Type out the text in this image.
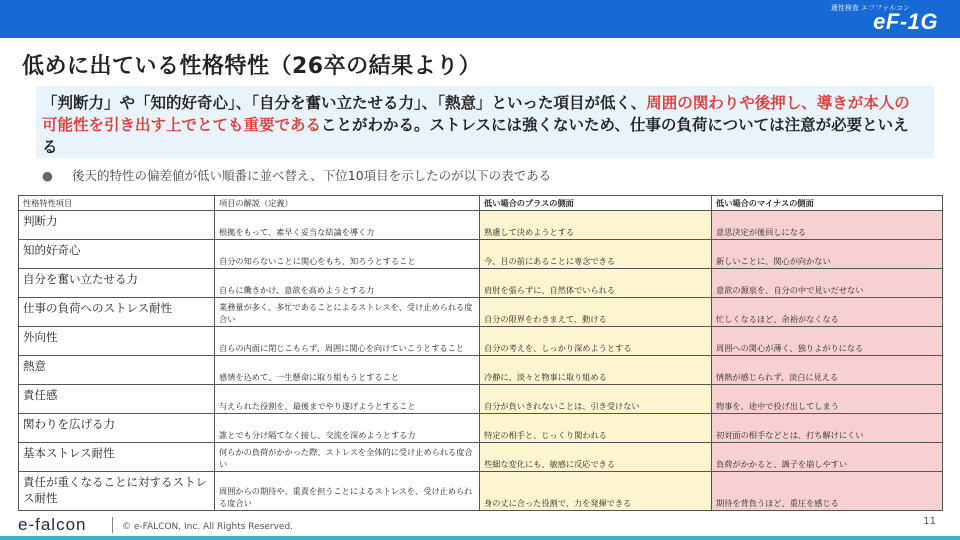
適性検査 エフファルコン
eF-1G
低めに出ている性格特性（26卒の結果より）
「判断力」や「知的好奇心」、「自分を奮い立たせる力」、「熱意」といった項目が低く、周囲の関わりや後押し、導きが本人の可能性を引き出す上でとても重要であることがわかる。ストレスには強くないため、仕事の負荷については注意が必要といえる
● 後天的特性の偏差値が低い順番に並べ替え、下位10項目を示したのが以下の表である
性格特性項目	項目の解説（定義）	低い場合のプラスの側面	低い場合のマイナスの側面
判断力	根拠をもって、素早く妥当な結論を導く力	熟慮して決めようとする	意思決定が後回しになる
知的好奇心	自分の知らないことに関心をもち、知ろうとすること	今、目の前にあることに専念できる	新しいことに、関心が向かない
自分を奮い立たせる力	自らに働きかけ、意欲を高めようとする力	肩肘を張らずに、自然体でいられる	意欲の源泉を、自分の中で見いだせない
仕事の負荷へのストレス耐性	業務量が多く、多忙であることによるストレスを、受け止められる度合い	自分の限界をわきまえて、動ける	忙しくなるほど、余裕がなくなる
外向性	自らの内面に閉じこもらず、周囲に関心を向けていこうとすること	自分の考えを、しっかり深めようとする	周囲への関心が薄く、独りよがりになる
熱意	感情を込めて、一生懸命に取り組もうとすること	冷静に、淡々と物事に取り組める	情熱が感じられず、淡白に見える
責任感	与えられた役割を、最後までやり遂げようとすること	自分が負いきれないことは、引き受けない	物事を、途中で投げ出してしまう
関わりを広げる力	誰とでも分け隔てなく接し、交流を深めようとする力	特定の相手と、じっくり関われる	初対面の相手などとは、打ち解けにくい
基本ストレス耐性	何らかの負荷がかかった際、ストレスを全体的に受け止められる度合い	些細な変化にも、敏感に反応できる	負荷がかかると、調子を崩しやすい
責任が重くなることに対するストレス耐性	周囲からの期待や、重責を担うことによるストレスを、受け止められる度合い	身の丈に合った役割で、力を発揮できる	期待を背負うほど、重圧を感じる
e-falcon	© e-FALCON, Inc. All Rights Reserved.	11
